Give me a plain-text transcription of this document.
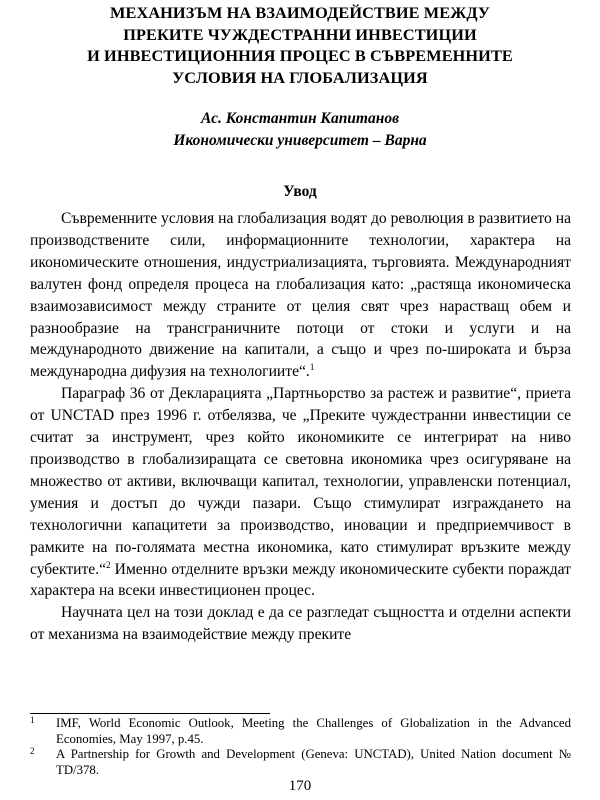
МЕХАНИЗЪМ НА ВЗАИМОДЕЙСТВИЕ МЕЖДУ
ПРЕКИТЕ ЧУЖДЕСТРАННИ ИНВЕСТИЦИИ
И ИНВЕСТИЦИОННИЯ ПРОЦЕС В СЪВРЕМЕННИТЕ
УСЛОВИЯ НА ГЛОБАЛИЗАЦИЯ
Ас. Константин Капитанов
Икономически университет – Варна
Увод

Съвременните условия на глобализация водят до революция в развитието на производствените сили, информационните технологии, характера на икономическите отношения, индустриализацията, търговията. Международният валутен фонд определя процеса на глобализация като: „растяща икономическа взаимозависимост между страните от целия свят чрез нарастващ обем и разнообразие на трансграничните потоци от стоки и услуги и на международното движение на капитали, а също и чрез по-широката и бърза международна дифузия на технологиите“.$^1$

Параграф 36 от Декларацията „Партньорство за растеж и развитие“, приета от UNCTAD през 1996 г. отбелязва, че „Преките чуждестранни инвестиции се считат за инструмент, чрез който икономиките се интегрират на ниво производство в глобализиращата се световна икономика чрез осигуряване на множество от активи, включващи капитал, технологии, управленски потенциал, умения и достъп до чужди пазари. Също стимулират изграждането на технологични капацитети за производство, иновации и предприемчивост в рамките на по-голямата местна икономика, като стимулират връзките между субектите.“$^2$ Именно отделните връзки между икономическите субекти пораждат характера на всеки инвестиционен процес.

Научната цел на този доклад е да се разгледат същността и отделни аспекти от механизма на взаимодействие между преките

1 IMF, World Economic Outlook, Meeting the Challenges of Globalization in the Advanced Economies, May 1997, p.45.
2 A Partnership for Growth and Development (Geneva: UNCTAD), United Nation document № TD/378.
170
